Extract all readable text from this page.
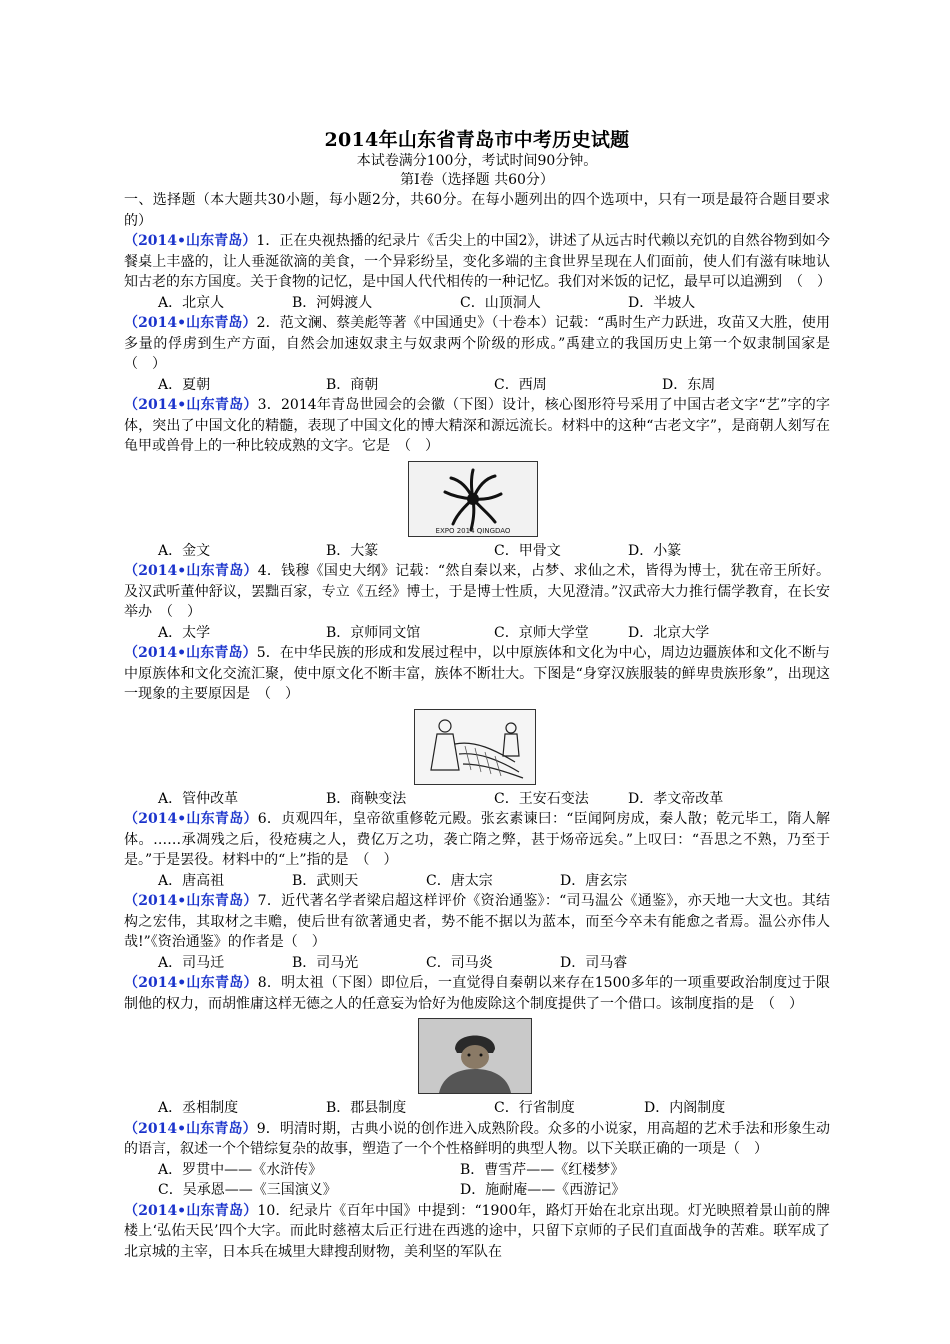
2014年山东省青岛市中考历史试题
本试卷满分100分，考试时间90分钟。
第Ⅰ卷（选择题 共60分）

一、选择题（本大题共30小题，每小题2分，共60分。在每小题列出的四个选项中，只有一项是最符合题目要求的）

（2014•山东青岛）1．正在央视热播的纪录片《舌尖上的中国2》，讲述了从远古时代赖以充饥的自然谷物到如今餐桌上丰盛的，让人垂涎欲滴的美食，一个异彩纷呈，变化多端的主食世界呈现在人们面前，使人们有滋有味地认知古老的东方国度。关于食物的记忆，是中国人代代相传的一种记忆。我们对米饭的记忆，最早可以追溯到　（　）

A．北京人	B．河姆渡人	C．山顶洞人	D．半坡人

（2014•山东青岛）2．范文澜、蔡美彪等著《中国通史》（十卷本）记载：“禹时生产力跃进，攻苗又大胜，使用多量的俘虏到生产方面，自然会加速奴隶主与奴隶两个阶级的形成。”禹建立的我国历史上第一个奴隶制国家是　（　）

A．夏朝	B．商朝	C．西周	D．东周

（2014•山东青岛）3．2014年青岛世园会的会徽（下图）设计，核心图形符号采用了中国古老文字“艺”字的字体，突出了中国文化的精髓，表现了中国文化的博大精深和源远流长。材料中的这种“古老文字”，是商朝人刻写在龟甲或兽骨上的一种比较成熟的文字。它是　（　）

EXPO 2014 QINGDAO
A．金文	B．大篆	C．甲骨文	D．小篆

（2014•山东青岛）4．钱穆《国史大纲》记载：“然自秦以来，占梦、求仙之术，皆得为博士，犹在帝王所好。及汉武听董仲舒议，罢黜百家，专立《五经》博士，于是博士性质，大见澄清。”汉武帝大力推行儒学教育，在长安举办　（　）

A．太学	B．京师同文馆	C．京师大学堂	D．北京大学

（2014•山东青岛）5．在中华民族的形成和发展过程中，以中原族体和文化为中心，周边边疆族体和文化不断与中原族体和文化交流汇聚，使中原文化不断丰富，族体不断壮大。下图是“身穿汉族服装的鲜卑贵族形象”，出现这一现象的主要原因是　（　）

A．管仲改革	B．商鞅变法	C．王安石变法	D．孝文帝改革

（2014•山东青岛）6．贞观四年，皇帝欲重修乾元殿。张玄素谏曰：“臣闻阿房成，秦人散；乾元毕工，隋人解体。……承凋残之后，役疮痍之人，费亿万之功，袭亡隋之弊，甚于炀帝远矣。”上叹曰：“吾思之不熟，乃至于是。”于是罢役。材料中的“上”指的是　（　）

A．唐高祖	B．武则天	C．唐太宗	D．唐玄宗

（2014•山东青岛）7．近代著名学者梁启超这样评价《资治通鉴》：“司马温公《通鉴》，亦天地一大文也。其结构之宏伟，其取材之丰赡，使后世有欲著通史者，势不能不据以为蓝本，而至今卒未有能愈之者焉。温公亦伟人哉!”《资治通鉴》的作者是（　）

A．司马迁	B．司马光	C．司马炎	D．司马睿

（2014•山东青岛）8．明太祖（下图）即位后，一直觉得自秦朝以来存在1500多年的一项重要政治制度过于限制他的权力，而胡惟庸这样无德之人的任意妄为恰好为他废除这个制度提供了一个借口。该制度指的是　（　）

A．丞相制度	B．郡县制度	C．行省制度	D．内阁制度

（2014•山东青岛）9．明清时期，古典小说的创作进入成熟阶段。众多的小说家，用高超的艺术手法和形象生动的语言，叙述一个个错综复杂的故事，塑造了一个个性格鲜明的典型人物。以下关联正确的一项是（　）

A．罗贯中——《水浒传》	B．曹雪芹——《红楼梦》
C．吴承恩——《三国演义》	D．施耐庵——《西游记》

（2014•山东青岛）10．纪录片《百年中国》中提到：“1900年，路灯开始在北京出现。灯光映照着景山前的牌楼上‘弘佑天民’四个大字。而此时慈禧太后正行进在西逃的途中，只留下京师的子民们直面战争的苦难。联军成了北京城的主宰，日本兵在城里大肆搜刮财物，美利坚的军队在
